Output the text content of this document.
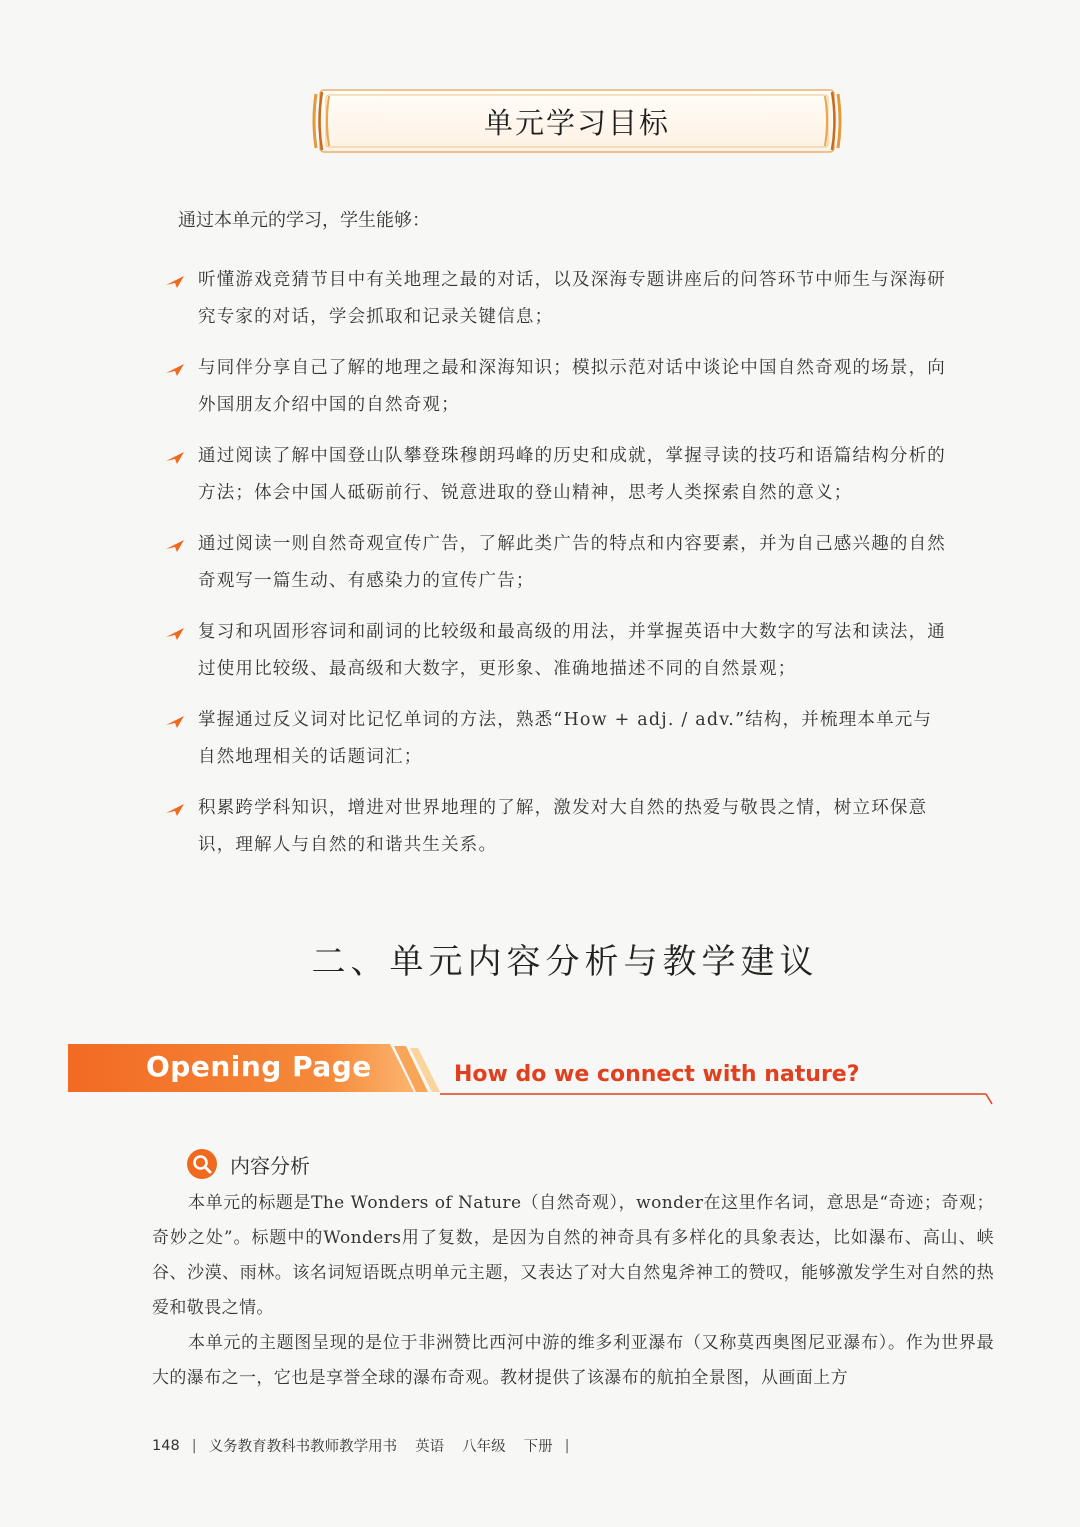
单元学习目标
通过本单元的学习，学生能够：
听懂游戏竞猜节目中有关地理之最的对话，以及深海专题讲座后的问答环节中师生与深海研究专家的对话，学会抓取和记录关键信息；
与同伴分享自己了解的地理之最和深海知识；模拟示范对话中谈论中国自然奇观的场景，向外国朋友介绍中国的自然奇观；
通过阅读了解中国登山队攀登珠穆朗玛峰的历史和成就，掌握寻读的技巧和语篇结构分析的方法；体会中国人砥砺前行、锐意进取的登山精神，思考人类探索自然的意义；
通过阅读一则自然奇观宣传广告，了解此类广告的特点和内容要素，并为自己感兴趣的自然奇观写一篇生动、有感染力的宣传广告；
复习和巩固形容词和副词的比较级和最高级的用法，并掌握英语中大数字的写法和读法，通过使用比较级、最高级和大数字，更形象、准确地描述不同的自然景观；
掌握通过反义词对比记忆单词的方法，熟悉“How + adj. / adv.”结构，并梳理本单元与自然地理相关的话题词汇；
积累跨学科知识，增进对世界地理的了解，激发对大自然的热爱与敬畏之情，树立环保意识，理解人与自然的和谐共生关系。
二、单元内容分析与教学建议
Opening Page	How do we connect with nature?
内容分析

本单元的标题是The Wonders of Nature（自然奇观），wonder在这里作名词，意思是“奇迹；奇观；奇妙之处”。标题中的Wonders用了复数，是因为自然的神奇具有多样化的具象表达，比如瀑布、高山、峡谷、沙漠、雨林。该名词短语既点明单元主题，又表达了对大自然鬼斧神工的赞叹，能够激发学生对自然的热爱和敬畏之情。

本单元的主题图呈现的是位于非洲赞比西河中游的维多利亚瀑布（又称莫西奥图尼亚瀑布）。作为世界最大的瀑布之一，它也是享誉全球的瀑布奇观。教材提供了该瀑布的航拍全景图，从画面上方

148 | 义务教育教科书教师教学用书 英语 八年级 下册 |
